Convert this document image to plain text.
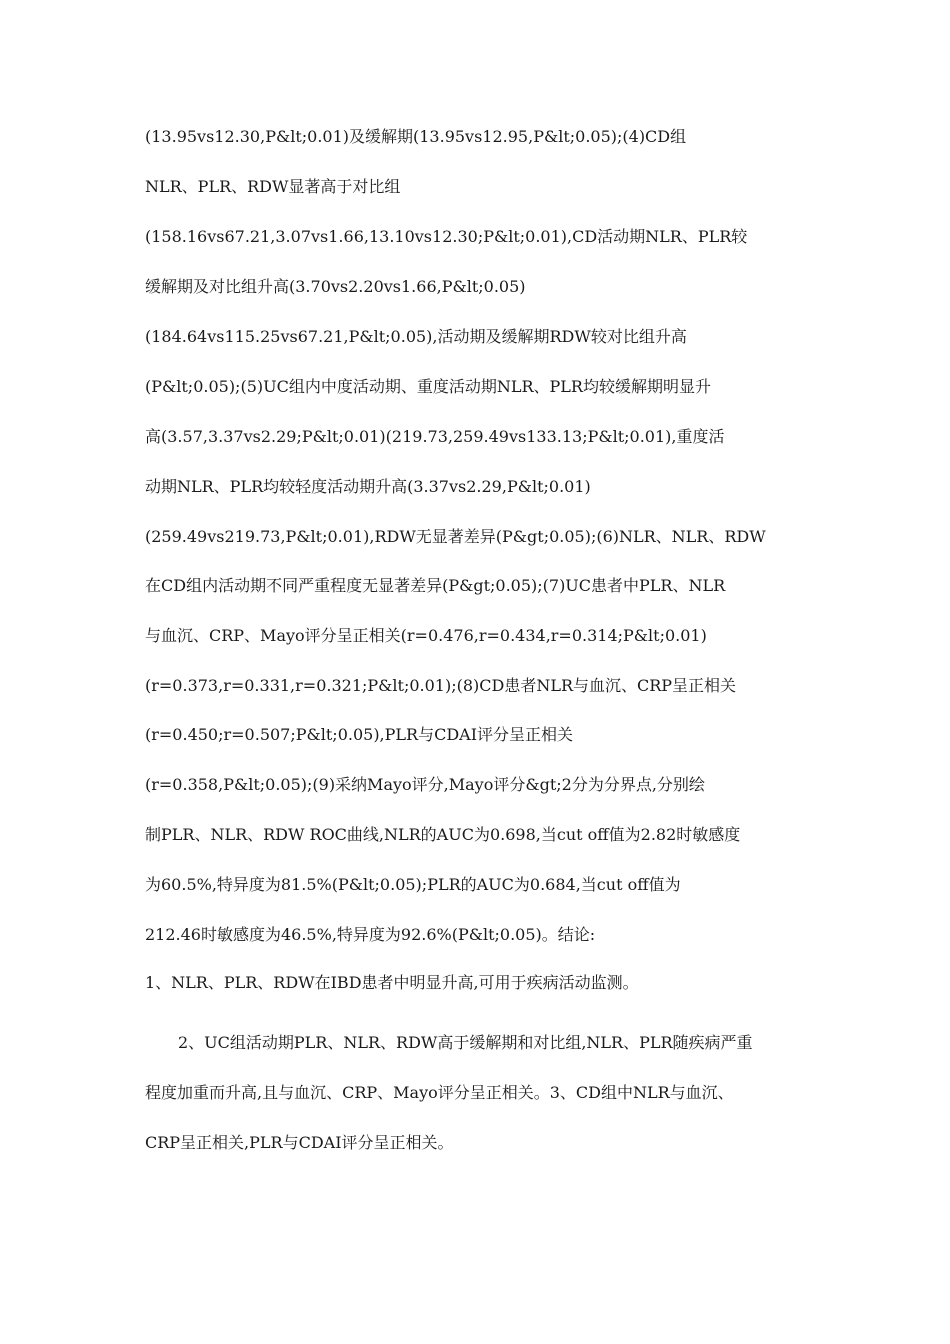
(13.95vs12.30,P&lt;0.01)及缓解期(13.95vs12.95,P&lt;0.05);(4)CD组
NLR、PLR、RDW显著高于对比组
(158.16vs67.21,3.07vs1.66,13.10vs12.30;P&lt;0.01),CD活动期NLR、PLR较
缓解期及对比组升高(3.70vs2.20vs1.66,P&lt;0.05)
(184.64vs115.25vs67.21,P&lt;0.05),活动期及缓解期RDW较对比组升高
(P&lt;0.05);(5)UC组内中度活动期、重度活动期NLR、PLR均较缓解期明显升
高(3.57,3.37vs2.29;P&lt;0.01)(219.73,259.49vs133.13;P&lt;0.01),重度活
动期NLR、PLR均较轻度活动期升高(3.37vs2.29,P&lt;0.01)
(259.49vs219.73,P&lt;0.01),RDW无显著差异(P&gt;0.05);(6)NLR、NLR、RDW
在CD组内活动期不同严重程度无显著差异(P&gt;0.05);(7)UC患者中PLR、NLR
与血沉、CRP、Mayo评分呈正相关(r=0.476,r=0.434,r=0.314;P&lt;0.01)
(r=0.373,r=0.331,r=0.321;P&lt;0.01);(8)CD患者NLR与血沉、CRP呈正相关
(r=0.450;r=0.507;P&lt;0.05),PLR与CDAI评分呈正相关
(r=0.358,P&lt;0.05);(9)采纳Mayo评分,Mayo评分&gt;2分为分界点,分别绘
制PLR、NLR、RDW ROC曲线,NLR的AUC为0.698,当cut off值为2.82时敏感度
为60.5%,特异度为81.5%(P&lt;0.05);PLR的AUC为0.684,当cut off值为
212.46时敏感度为46.5%,特异度为92.6%(P&lt;0.05)。结论:
1、NLR、PLR、RDW在IBD患者中明显升高,可用于疾病活动监测。
2、UC组活动期PLR、NLR、RDW高于缓解期和对比组,NLR、PLR随疾病严重
程度加重而升高,且与血沉、CRP、Mayo评分呈正相关。3、CD组中NLR与血沉、
CRP呈正相关,PLR与CDAI评分呈正相关。
